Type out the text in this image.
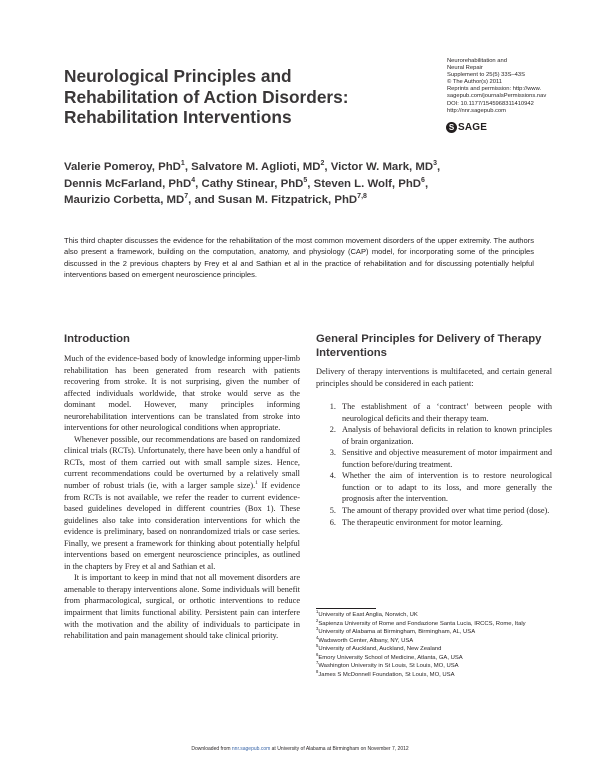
Neurological Principles and Rehabilitation of Action Disorders: Rehabilitation Interventions
Neurorehabilitation and
Neural Repair
Supplement to 25(5) 33S–43S
© The Author(s) 2011
Reprints and permission: http://www.
sagepub.com/journalsPermissions.nav
DOI: 10.1177/1545968311410942
http://nnr.sagepub.com
S SAGE
Valerie Pomeroy, PhD$^1$, Salvatore M. Aglioti, $MD^2$, Victor W. Mark, $MD^3$,
Dennis McFarland, PhD$^4$, Cathy Stinear, PhD$^5$, Steven L. Wolf, PhD$^6$,
Maurizio Corbetta, $MD^7$, and Susan M. Fitzpatrick, PhD$^{7,8}$

This third chapter discusses the evidence for the rehabilitation of the most common movement disorders of the upper extremity. The authors also present a framework, building on the computation, anatomy, and physiology (CAP) model, for incorporating some of the principles discussed in the 2 previous chapters by Frey et al and Sathian et al in the practice of rehabilitation and for discussing potentially helpful interventions based on emergent neuroscience principles.

Introduction

Much of the evidence-based body of knowledge informing upper-limb rehabilitation has been generated from research with patients recovering from stroke. It is not surprising, given the number of affected individuals worldwide, that stroke would serve as the dominant model. However, many principles informing neurorehabilitation interventions can be translated from stroke into interventions for other neurological conditions when appropriate.

Whenever possible, our recommendations are based on randomized clinical trials (RCTs). Unfortunately, there have been only a handful of RCTs, most of them carried out with small sample sizes. Hence, current recommendations could be overturned by a relatively small number of robust trials (ie, with a larger sample size).$^1$ If evidence from RCTs is not available, we refer the reader to current evidence-based guidelines developed in different countries (Box 1). These guidelines also take into consideration interventions for which the evidence is preliminary, based on nonrandomized trials or case series. Finally, we present a framework for thinking about potentially helpful interventions based on emergent neuroscience principles, as outlined in the chapters by Frey et al and Sathian et al.

It is important to keep in mind that not all movement disorders are amenable to therapy interventions alone. Some individuals will benefit from pharmacological, surgical, or orthotic interventions to reduce impairment that limits functional ability. Persistent pain can interfere with the motivation and the ability of individuals to participate in rehabilitation and pain management should take clinical priority.

General Principles for Delivery of Therapy Interventions

Delivery of therapy interventions is multifaceted, and certain general principles should be considered in each patient:

1. The establishment of a ‘contract’ between people with neurological deficits and their therapy team.
2. Analysis of behavioral deficits in relation to known principles of brain organization.
3. Sensitive and objective measurement of motor impairment and function before/during treatment.
4. Whether the aim of intervention is to restore neurological function or to adapt to its loss, and more generally the prognosis after the intervention.
5. The amount of therapy provided over what time period (dose).
6. The therapeutic environment for motor learning.
$^1$University of East Anglia, Norwich, UK
$^2$Sapienza University of Rome and Fondazione Santa Lucia, IRCCS, Rome, Italy
$^3$University of Alabama at Birmingham, Birmingham, AL, USA
$^4$Wadsworth Center, Albany, NY, USA
$^5$University of Auckland, Auckland, New Zealand
$^6$Emory University School of Medicine, Atlanta, GA, USA
$^7$Washington University in St Louis, St Louis, MO, USA
$^8$James S McDonnell Foundation, St Louis, MO, USA
Downloaded from nnr.sagepub.com at University of Alabama at Birmingham on November 7, 2012
